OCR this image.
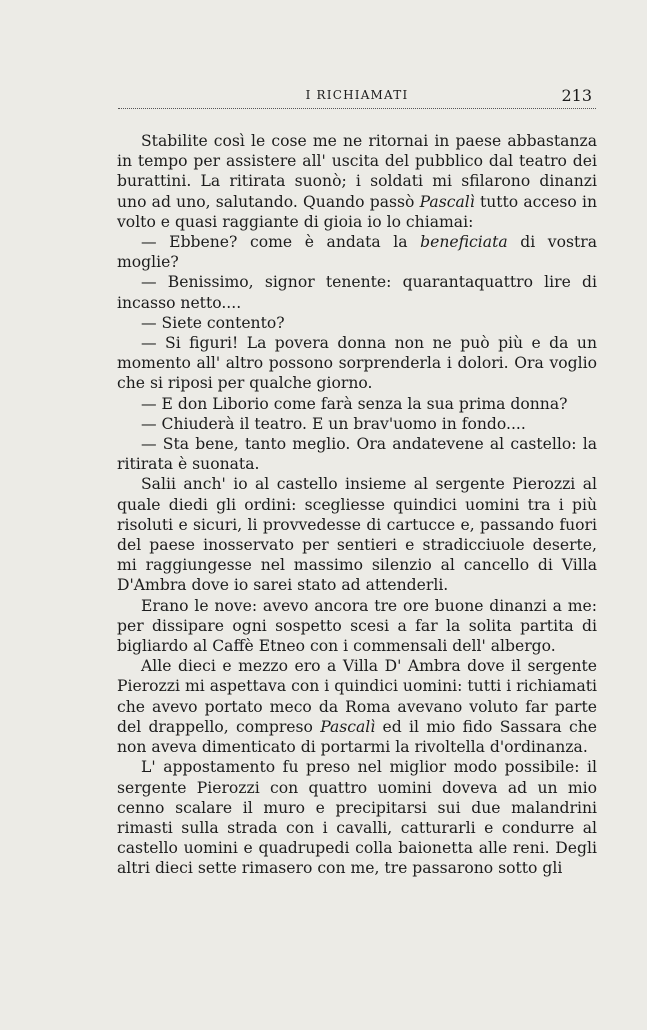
I RICHIAMATI	213

Stabilite così le cose me ne ritornai in paese abbastanza in tempo per assistere all' uscita del pubblico dal teatro dei burattini. La ritirata suonò; i soldati mi sfilarono dinanzi uno ad uno, salutando. Quando passò Pascalì tutto acceso in volto e quasi raggiante di gioia io lo chiamai:

— Ebbene? come è andata la beneficiata di vostra moglie?

— Benissimo, signor tenente: quarantaquattro lire di incasso netto....

— Siete contento?

— Si figuri! La povera donna non ne può più e da un momento all' altro possono sorprenderla i dolori. Ora voglio che si riposi per qualche giorno.

— E don Liborio come farà senza la sua prima donna?

— Chiuderà il teatro. E un brav'uomo in fondo....

— Sta bene, tanto meglio. Ora andatevene al castello: la ritirata è suonata.

Salii anch' io al castello insieme al sergente Pierozzi al quale diedi gli ordini: scegliesse quindici uomini tra i più risoluti e sicuri, li provvedesse di cartucce e, passando fuori del paese inosservato per sentieri e stradicciuole deserte, mi raggiungesse nel massimo silenzio al cancello di Villa D'Ambra dove io sarei stato ad attenderli.

Erano le nove: avevo ancora tre ore buone dinanzi a me: per dissipare ogni sospetto scesi a far la solita partita di bigliardo al Caffè Etneo con i commensali dell' albergo.

Alle dieci e mezzo ero a Villa D' Ambra dove il sergente Pierozzi mi aspettava con i quindici uomini: tutti i richiamati che avevo portato meco da Roma avevano voluto far parte del drappello, compreso Pascalì ed il mio fido Sassara che non aveva dimenticato di portarmi la rivoltella d'ordinanza.

L' appostamento fu preso nel miglior modo possibile: il sergente Pierozzi con quattro uomini doveva ad un mio cenno scalare il muro e precipitarsi sui due malandrini rimasti sulla strada con i cavalli, catturarli e condurre al castello uomini e quadrupedi colla baionetta alle reni. Degli altri dieci sette rimasero con me, tre passarono sotto gli
